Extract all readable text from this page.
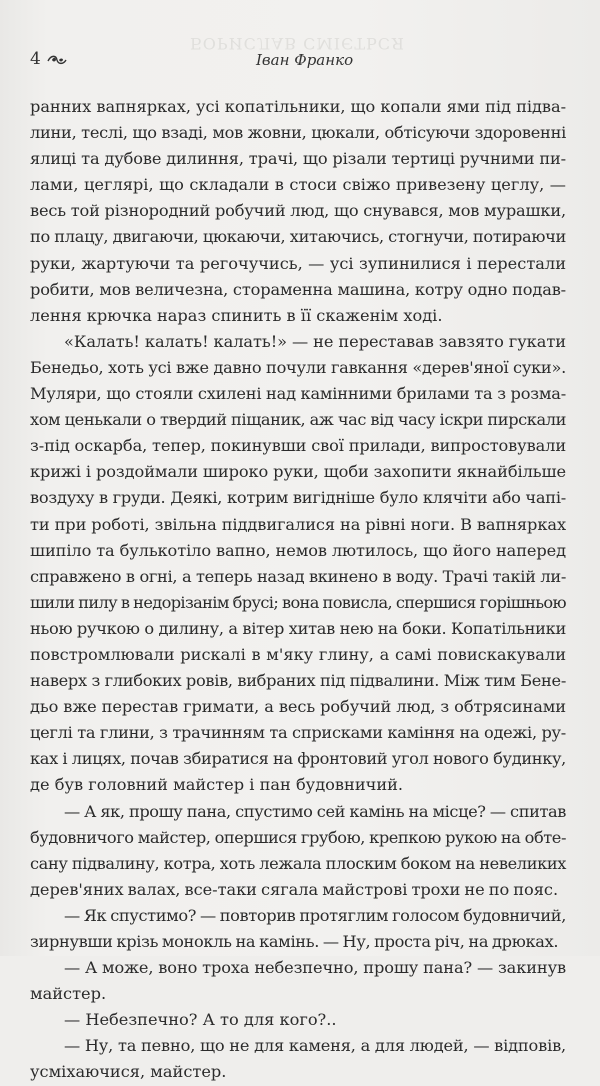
БОРИСЛАВ СМІЄТЬСЯ
4	Іван Франко
ранних вапнярках, усі копатільники, що копали ями під підва-
лини, теслі, що взаді, мов жовни, цюкали, обтісуючи здоровенні
ялиці та дубове дилиння, трачі, що різали тертиці ручними пи-
лами, цеглярі, що складали в стоси свіжо привезену цеглу, —
весь той різнородний робучий люд, що снувався, мов мурашки,
по плацу, двигаючи, цюкаючи, хитаючись, стогнучи, потираючи
руки, жартуючи та регочучись, — усі зупинилися і перестали
робити, мов величезна, стораменна машина, котру одно подав-
лення крючка нараз спинить в її скаженім ході.
«Калать! калать! калать!» — не переставав завзято гукати
Бенедьо, хоть усі вже давно почули гавкання «дерев'яної суки».
Муляри, що стояли схилені над камінними брилами та з розма-
хом ценькали о твердий піщаник, аж час від часу іскри пирскали
з-під оскарба, тепер, покинувши свої прилади, випростовували
крижі і роздоймали широко руки, щоби захопити якнайбільше
воздуху в груди. Деякі, котрим вигідніше було клячіти або чапі-
ти при роботі, звільна піддвигалися на рівні ноги. В вапнярках
шипіло та булькотіло вапно, немов лютилось, що його наперед
справжено в огні, а теперь назад вкинено в воду. Трачі такій ли-
шили пилу в недорізанім брусі; вона повисла, спершися горішньою
ньою ручкою о дилину, а вітер хитав нею на боки. Копатільники
повстромлювали рискалі в м'яку глину, а самі повискакували
наверх з глибоких ровів, вибраних під підвалини. Між тим Бене-
дьо вже перестав гримати, а весь робучий люд, з обтрясинами
цеглі та глини, з трачинням та сприсками каміння на одежі, ру-
ках і лицях, почав збиратися на фронтовий угол нового будинку,
де був головний майстер і пан будовничий.
— А як, прошу пана, спустимо сей камінь на місце? — спитав
будовничого майстер, опершися грубою, крепкою рукою на обте-
сану підвалину, котра, хоть лежала плоским боком на невеликих
дерев'яних валах, все-таки сягала майстрові трохи не по пояс.
— Як спустимо? — повторив протяглим голосом будовничий,
зирнувши крізь монокль на камінь. — Ну, проста річ, на дрюках.
— А може, воно троха небезпечно, прошу пана? — закинув
майстер.
— Небезпечно? А то для кого?..
— Ну, та певно, що не для каменя, а для людей, — відповів,
усміхаючися, майстер.
